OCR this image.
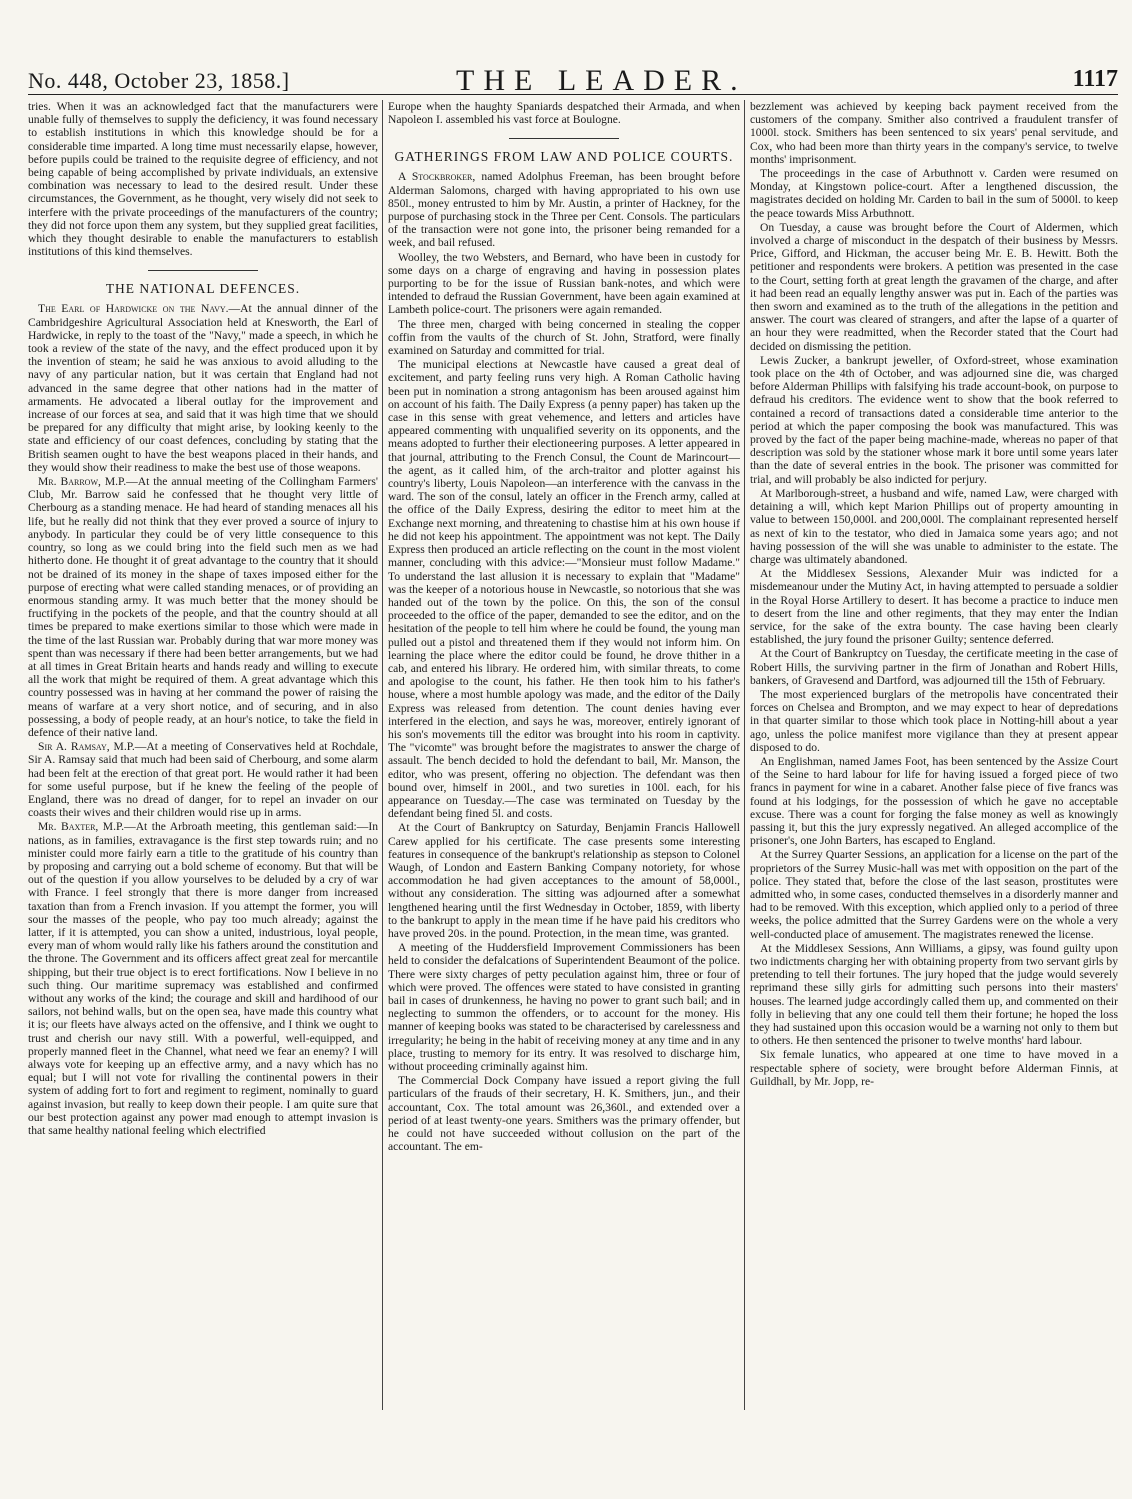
No. 448, October 23, 1858.]	THE LEADER.	1117

tries. When it was an acknowledged fact that the manufacturers were unable fully of themselves to supply the deficiency, it was found necessary to establish institutions in which this knowledge should be for a considerable time imparted. A long time must necessarily elapse, however, before pupils could be trained to the requisite degree of efficiency, and not being capable of being accomplished by private individuals, an extensive combination was necessary to lead to the desired result. Under these circumstances, the Government, as he thought, very wisely did not seek to interfere with the private proceedings of the manufacturers of the country; they did not force upon them any system, but they supplied great facilities, which they thought desirable to enable the manufacturers to establish institutions of this kind themselves.

THE NATIONAL DEFENCES.

The Earl of Hardwicke on the Navy.—At the annual dinner of the Cambridgeshire Agricultural Association held at Knesworth, the Earl of Hardwicke, in reply to the toast of the "Navy," made a speech, in which he took a review of the state of the navy, and the effect produced upon it by the invention of steam; he said he was anxious to avoid alluding to the navy of any particular nation, but it was certain that England had not advanced in the same degree that other nations had in the matter of armaments. He advocated a liberal outlay for the improvement and increase of our forces at sea, and said that it was high time that we should be prepared for any difficulty that might arise, by looking keenly to the state and efficiency of our coast defences, concluding by stating that the British seamen ought to have the best weapons placed in their hands, and they would show their readiness to make the best use of those weapons.

Mr. Barrow, M.P.—At the annual meeting of the Collingham Farmers' Club, Mr. Barrow said he confessed that he thought very little of Cherbourg as a standing menace. He had heard of standing menaces all his life, but he really did not think that they ever proved a source of injury to anybody. In particular they could be of very little consequence to this country, so long as we could bring into the field such men as we had hitherto done. He thought it of great advantage to the country that it should not be drained of its money in the shape of taxes imposed either for the purpose of erecting what were called standing menaces, or of providing an enormous standing army. It was much better that the money should be fructifying in the pockets of the people, and that the country should at all times be prepared to make exertions similar to those which were made in the time of the last Russian war. Probably during that war more money was spent than was necessary if there had been better arrangements, but we had at all times in Great Britain hearts and hands ready and willing to execute all the work that might be required of them. A great advantage which this country possessed was in having at her command the power of raising the means of warfare at a very short notice, and of securing, and in also possessing, a body of people ready, at an hour's notice, to take the field in defence of their native land.

Sir A. Ramsay, M.P.—At a meeting of Conservatives held at Rochdale, Sir A. Ramsay said that much had been said of Cherbourg, and some alarm had been felt at the erection of that great port. He would rather it had been for some useful purpose, but if he knew the feeling of the people of England, there was no dread of danger, for to repel an invader on our coasts their wives and their children would rise up in arms.

Mr. Baxter, M.P.—At the Arbroath meeting, this gentleman said:—In nations, as in families, extravagance is the first step towards ruin; and no minister could more fairly earn a title to the gratitude of his country than by proposing and carrying out a bold scheme of economy. But that will be out of the question if you allow yourselves to be deluded by a cry of war with France. I feel strongly that there is more danger from increased taxation than from a French invasion. If you attempt the former, you will sour the masses of the people, who pay too much already; against the latter, if it is attempted, you can show a united, industrious, loyal people, every man of whom would rally like his fathers around the constitution and the throne. The Government and its officers affect great zeal for mercantile shipping, but their true object is to erect fortifications. Now I believe in no such thing. Our maritime supremacy was established and confirmed without any works of the kind; the courage and skill and hardihood of our sailors, not behind walls, but on the open sea, have made this country what it is; our fleets have always acted on the offensive, and I think we ought to trust and cherish our navy still. With a powerful, well-equipped, and properly manned fleet in the Channel, what need we fear an enemy? I will always vote for keeping up an effective army, and a navy which has no equal; but I will not vote for rivalling the continental powers in their system of adding fort to fort and regiment to regiment, nominally to guard against invasion, but really to keep down their people. I am quite sure that our best protection against any power mad enough to attempt invasion is that same healthy national feeling which electrified

Europe when the haughty Spaniards despatched their Armada, and when Napoleon I. assembled his vast force at Boulogne.

GATHERINGS FROM LAW AND POLICE COURTS.

A Stockbroker, named Adolphus Freeman, has been brought before Alderman Salomons, charged with having appropriated to his own use 850l., money entrusted to him by Mr. Austin, a printer of Hackney, for the purpose of purchasing stock in the Three per Cent. Consols. The particulars of the transaction were not gone into, the prisoner being remanded for a week, and bail refused.

Woolley, the two Websters, and Bernard, who have been in custody for some days on a charge of engraving and having in possession plates purporting to be for the issue of Russian bank-notes, and which were intended to defraud the Russian Government, have been again examined at Lambeth police-court. The prisoners were again remanded.

The three men, charged with being concerned in stealing the copper coffin from the vaults of the church of St. John, Stratford, were finally examined on Saturday and committed for trial.

The municipal elections at Newcastle have caused a great deal of excitement, and party feeling runs very high. A Roman Catholic having been put in nomination a strong antagonism has been aroused against him on account of his faith. The Daily Express (a penny paper) has taken up the case in this sense with great vehemence, and letters and articles have appeared commenting with unqualified severity on its opponents, and the means adopted to further their electioneering purposes. A letter appeared in that journal, attributing to the French Consul, the Count de Marincourt—the agent, as it called him, of the arch-traitor and plotter against his country's liberty, Louis Napoleon—an interference with the canvass in the ward. The son of the consul, lately an officer in the French army, called at the office of the Daily Express, desiring the editor to meet him at the Exchange next morning, and threatening to chastise him at his own house if he did not keep his appointment. The appointment was not kept. The Daily Express then produced an article reflecting on the count in the most violent manner, concluding with this advice:—"Monsieur must follow Madame." To understand the last allusion it is necessary to explain that "Madame" was the keeper of a notorious house in Newcastle, so notorious that she was handed out of the town by the police. On this, the son of the consul proceeded to the office of the paper, demanded to see the editor, and on the hesitation of the people to tell him where he could be found, the young man pulled out a pistol and threatened them if they would not inform him. On learning the place where the editor could be found, he drove thither in a cab, and entered his library. He ordered him, with similar threats, to come and apologise to the count, his father. He then took him to his father's house, where a most humble apology was made, and the editor of the Daily Express was released from detention. The count denies having ever interfered in the election, and says he was, moreover, entirely ignorant of his son's movements till the editor was brought into his room in captivity. The "vicomte" was brought before the magistrates to answer the charge of assault. The bench decided to hold the defendant to bail, Mr. Manson, the editor, who was present, offering no objection. The defendant was then bound over, himself in 200l., and two sureties in 100l. each, for his appearance on Tuesday.—The case was terminated on Tuesday by the defendant being fined 5l. and costs.

At the Court of Bankruptcy on Saturday, Benjamin Francis Hallowell Carew applied for his certificate. The case presents some interesting features in consequence of the bankrupt's relationship as stepson to Colonel Waugh, of London and Eastern Banking Company notoriety, for whose accommodation he had given acceptances to the amount of 58,000l., without any consideration. The sitting was adjourned after a somewhat lengthened hearing until the first Wednesday in October, 1859, with liberty to the bankrupt to apply in the mean time if he have paid his creditors who have proved 20s. in the pound. Protection, in the mean time, was granted.

A meeting of the Huddersfield Improvement Commissioners has been held to consider the defalcations of Superintendent Beaumont of the police. There were sixty charges of petty peculation against him, three or four of which were proved. The offences were stated to have consisted in granting bail in cases of drunkenness, he having no power to grant such bail; and in neglecting to summon the offenders, or to account for the money. His manner of keeping books was stated to be characterised by carelessness and irregularity; he being in the habit of receiving money at any time and in any place, trusting to memory for its entry. It was resolved to discharge him, without proceeding criminally against him.

The Commercial Dock Company have issued a report giving the full particulars of the frauds of their secretary, H. K. Smithers, jun., and their accountant, Cox. The total amount was 26,360l., and extended over a period of at least twenty-one years. Smithers was the primary offender, but he could not have succeeded without collusion on the part of the accountant. The em-

bezzlement was achieved by keeping back payment received from the customers of the company. Smither also contrived a fraudulent transfer of 1000l. stock. Smithers has been sentenced to six years' penal servitude, and Cox, who had been more than thirty years in the company's service, to twelve months' imprisonment.

The proceedings in the case of Arbuthnott v. Carden were resumed on Monday, at Kingstown police-court. After a lengthened discussion, the magistrates decided on holding Mr. Carden to bail in the sum of 5000l. to keep the peace towards Miss Arbuthnott.

On Tuesday, a cause was brought before the Court of Aldermen, which involved a charge of misconduct in the despatch of their business by Messrs. Price, Gifford, and Hickman, the accuser being Mr. E. B. Hewitt. Both the petitioner and respondents were brokers. A petition was presented in the case to the Court, setting forth at great length the gravamen of the charge, and after it had been read an equally lengthy answer was put in. Each of the parties was then sworn and examined as to the truth of the allegations in the petition and answer. The court was cleared of strangers, and after the lapse of a quarter of an hour they were readmitted, when the Recorder stated that the Court had decided on dismissing the petition.

Lewis Zucker, a bankrupt jeweller, of Oxford-street, whose examination took place on the 4th of October, and was adjourned sine die, was charged before Alderman Phillips with falsifying his trade account-book, on purpose to defraud his creditors. The evidence went to show that the book referred to contained a record of transactions dated a considerable time anterior to the period at which the paper composing the book was manufactured. This was proved by the fact of the paper being machine-made, whereas no paper of that description was sold by the stationer whose mark it bore until some years later than the date of several entries in the book. The prisoner was committed for trial, and will probably be also indicted for perjury.

At Marlborough-street, a husband and wife, named Law, were charged with detaining a will, which kept Marion Phillips out of property amounting in value to between 150,000l. and 200,000l. The complainant represented herself as next of kin to the testator, who died in Jamaica some years ago; and not having possession of the will she was unable to administer to the estate. The charge was ultimately abandoned.

At the Middlesex Sessions, Alexander Muir was indicted for a misdemeanour under the Mutiny Act, in having attempted to persuade a soldier in the Royal Horse Artillery to desert. It has become a practice to induce men to desert from the line and other regiments, that they may enter the Indian service, for the sake of the extra bounty. The case having been clearly established, the jury found the prisoner Guilty; sentence deferred.

At the Court of Bankruptcy on Tuesday, the certificate meeting in the case of Robert Hills, the surviving partner in the firm of Jonathan and Robert Hills, bankers, of Gravesend and Dartford, was adjourned till the 15th of February.

The most experienced burglars of the metropolis have concentrated their forces on Chelsea and Brompton, and we may expect to hear of depredations in that quarter similar to those which took place in Notting-hill about a year ago, unless the police manifest more vigilance than they at present appear disposed to do.

An Englishman, named James Foot, has been sentenced by the Assize Court of the Seine to hard labour for life for having issued a forged piece of two francs in payment for wine in a cabaret. Another false piece of five francs was found at his lodgings, for the possession of which he gave no acceptable excuse. There was a count for forging the false money as well as knowingly passing it, but this the jury expressly negatived. An alleged accomplice of the prisoner's, one John Barters, has escaped to England.

At the Surrey Quarter Sessions, an application for a license on the part of the proprietors of the Surrey Music-hall was met with opposition on the part of the police. They stated that, before the close of the last season, prostitutes were admitted who, in some cases, conducted themselves in a disorderly manner and had to be removed. With this exception, which applied only to a period of three weeks, the police admitted that the Surrey Gardens were on the whole a very well-conducted place of amusement. The magistrates renewed the license.

At the Middlesex Sessions, Ann Williams, a gipsy, was found guilty upon two indictments charging her with obtaining property from two servant girls by pretending to tell their fortunes. The jury hoped that the judge would severely reprimand these silly girls for admitting such persons into their masters' houses. The learned judge accordingly called them up, and commented on their folly in believing that any one could tell them their fortune; he hoped the loss they had sustained upon this occasion would be a warning not only to them but to others. He then sentenced the prisoner to twelve months' hard labour.

Six female lunatics, who appeared at one time to have moved in a respectable sphere of society, were brought before Alderman Finnis, at Guildhall, by Mr. Jopp, re-
